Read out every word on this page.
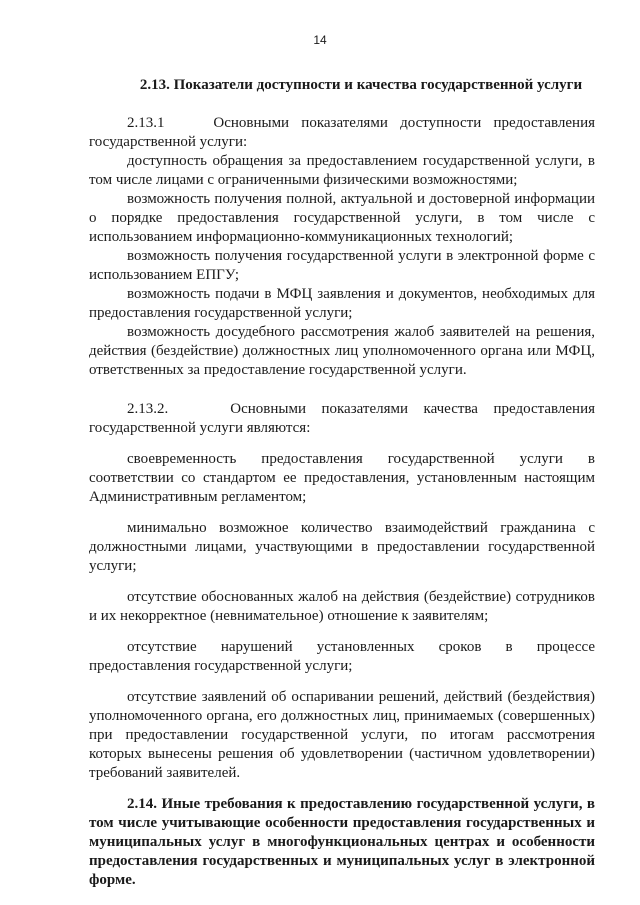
14

2.13. Показатели доступности и качества государственной услуги

2.13.1    Основными показателями доступности предоставления государственной услуги:

доступность обращения за предоставлением государственной услуги, в том числе лицами с ограниченными физическими возможностями;

возможность получения полной, актуальной и достоверной информации о порядке предоставления государственной услуги, в том числе с использованием информационно-коммуникационных технологий;

возможность получения государственной услуги в электронной форме с использованием ЕПГУ;

возможность подачи в МФЦ заявления и документов, необходимых для предоставления государственной услуги;

возможность досудебного рассмотрения жалоб заявителей на решения, действия (бездействие) должностных лиц уполномоченного органа или МФЦ, ответственных за предоставление государственной услуги.

2.13.2.    Основными показателями качества предоставления государственной услуги являются:

своевременность предоставления государственной услуги в соответствии со стандартом ее предоставления, установленным настоящим Административным регламентом;

минимально возможное количество взаимодействий гражданина с должностными лицами, участвующими в предоставлении государственной услуги;

отсутствие обоснованных жалоб на действия (бездействие) сотрудников и их некорректное (невнимательное) отношение к заявителям;

отсутствие нарушений установленных сроков в процессе предоставления государственной услуги;

отсутствие заявлений об оспаривании решений, действий (бездействия) уполномоченного органа, его должностных лиц, принимаемых (совершенных) при предоставлении государственной услуги, по итогам рассмотрения которых вынесены решения об удовлетворении (частичном удовлетворении) требований заявителей.

2.14. Иные требования к предоставлению государственной услуги, в том числе учитывающие особенности предоставления государственных и муниципальных услуг в многофункциональных центрах и особенности предоставления государственных и муниципальных услуг в электронной форме.
